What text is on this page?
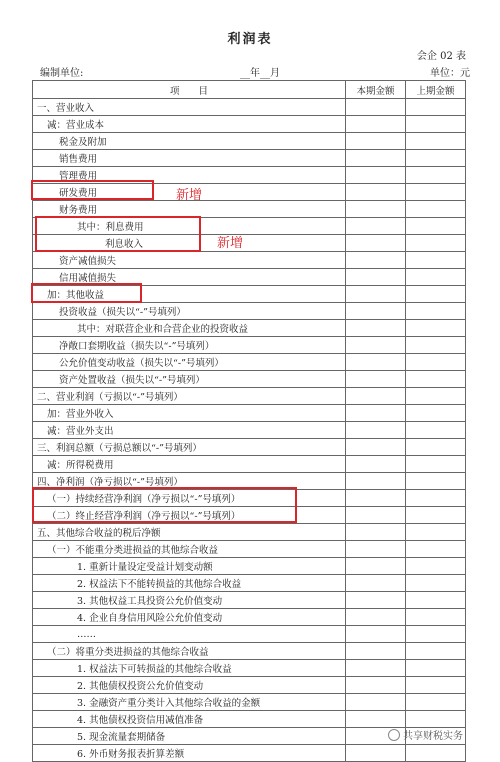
利润表
会企 02 表
编制单位:	__年__月	单位：元
项　　目	本期金额	上期金额
一、营业收入		
减：营业成本		
税金及附加		
销售费用		
管理费用		
研发费用		
财务费用		
其中：利息费用		
利息收入		
资产减值损失		
信用减值损失		
加：其他收益		
投资收益（损失以“-”号填列）		
其中：对联营企业和合营企业的投资收益		
净敞口套期收益（损失以“-”号填列）		
公允价值变动收益（损失以“-”号填列）		
资产处置收益（损失以“-”号填列）		
二、营业利润（亏损以“-”号填列）		
加：营业外收入		
减：营业外支出		
三、利润总额（亏损总额以“-”号填列）		
减：所得税费用		
四、净利润（净亏损以“-”号填列）		
（一）持续经营净利润（净亏损以“-”号填列）		
（二）终止经营净利润（净亏损以“-”号填列）		
五、其他综合收益的税后净额		
（一）不能重分类进损益的其他综合收益		
1. 重新计量设定受益计划变动额		
2. 权益法下不能转损益的其他综合收益		
3. 其他权益工具投资公允价值变动		
4. 企业自身信用风险公允价值变动		
……		
（二）将重分类进损益的其他综合收益		
1. 权益法下可转损益的其他综合收益		
2. 其他债权投资公允价值变动		
3. 金融资产重分类计入其他综合收益的金额		
4. 其他债权投资信用减值准备		
5. 现金流量套期储备		
6. 外币财务报表折算差额		
新增
新增
共享财税实务
